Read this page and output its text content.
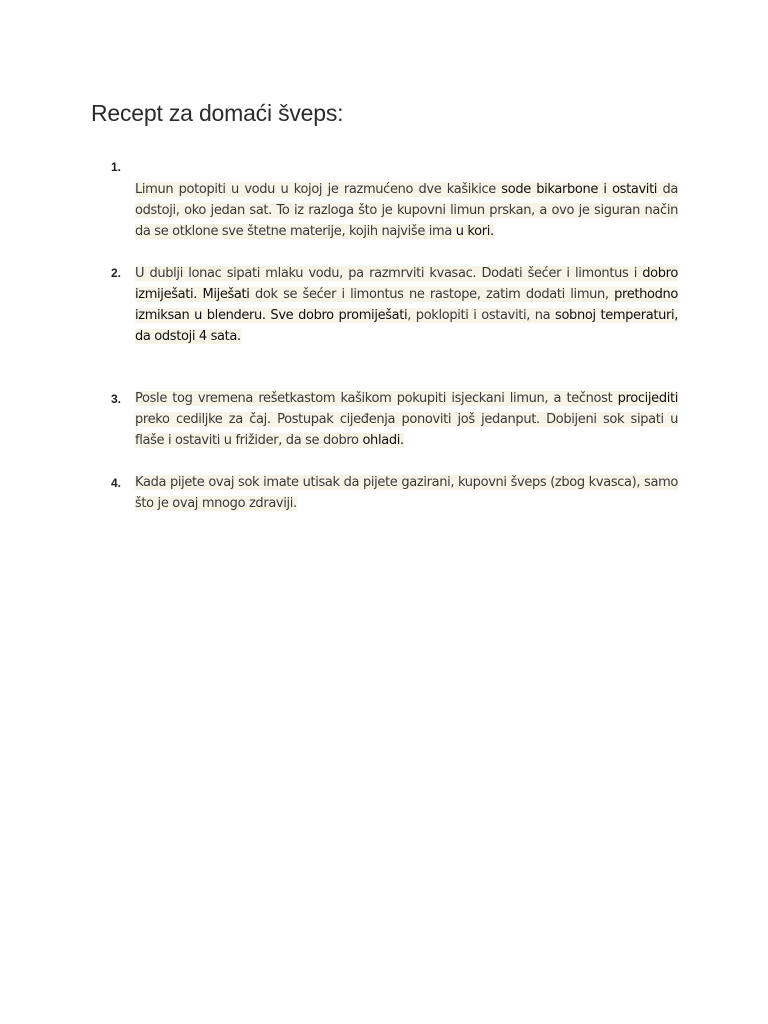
Recept za domaći šveps:
1.

Limun potopiti u vodu u kojoj je razmućeno dve kašikice sode bikarbone i ostaviti da odstoji, oko jedan sat. To iz razloga što je kupovni limun prskan, a ovo je siguran način da se otklone sve štetne materije, kojih najviše ima u kori.

2.	U dublji lonac sipati mlaku vodu, pa razmrviti kvasac. Dodati šećer i limontus i dobro izmiješati. Miješati dok se šećer i limontus ne rastope, zatim dodati limun, prethodno izmiksan u blenderu. Sve dobro promiješati, poklopiti i ostaviti, na sobnoj temperaturi, da odstoji 4 sata.

3.	Posle tog vremena rešetkastom kašikom pokupiti isjeckani limun, a tečnost procijediti preko cediljke za čaj. Postupak cijeđenja ponoviti još jedanput. Dobijeni sok sipati u flaše i ostaviti u frižider, da se dobro ohladi.

4.	Kada pijete ovaj sok imate utisak da pijete gazirani, kupovni šveps (zbog kvasca), samo što je ovaj mnogo zdraviji.
